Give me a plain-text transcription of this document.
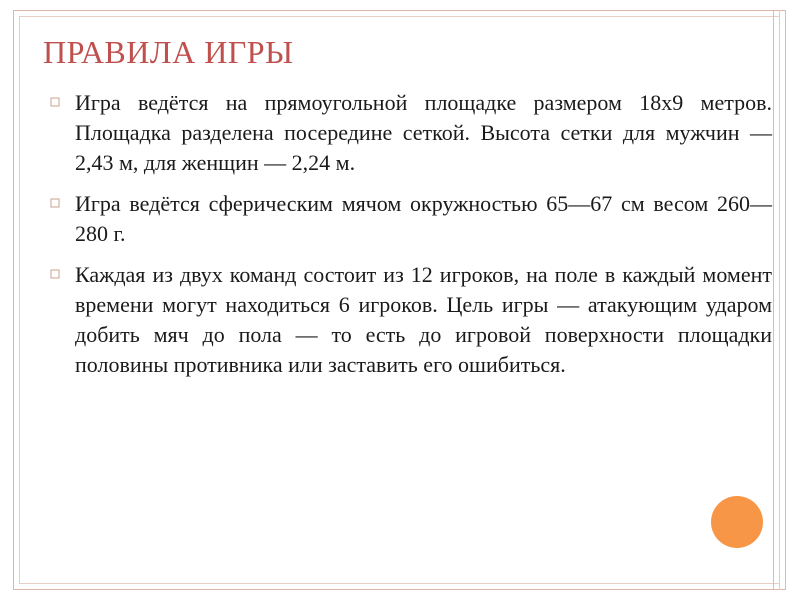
ПРАВИЛА ИГРЫ
Игра ведётся на прямоугольной площадке размером 18x9 метров. Площадка разделена посередине сеткой. Высота сетки для мужчин — 2,43 м, для женщин — 2,24 м.
Игра ведётся сферическим мячом окружностью 65—67 см весом 260—280 г.
Каждая из двух команд состоит из 12 игроков, на поле в каждый момент времени могут находиться 6 игроков. Цель игры — атакующим ударом добить мяч до пола — то есть до игровой поверхности площадки половины противника или заставить его ошибиться.
